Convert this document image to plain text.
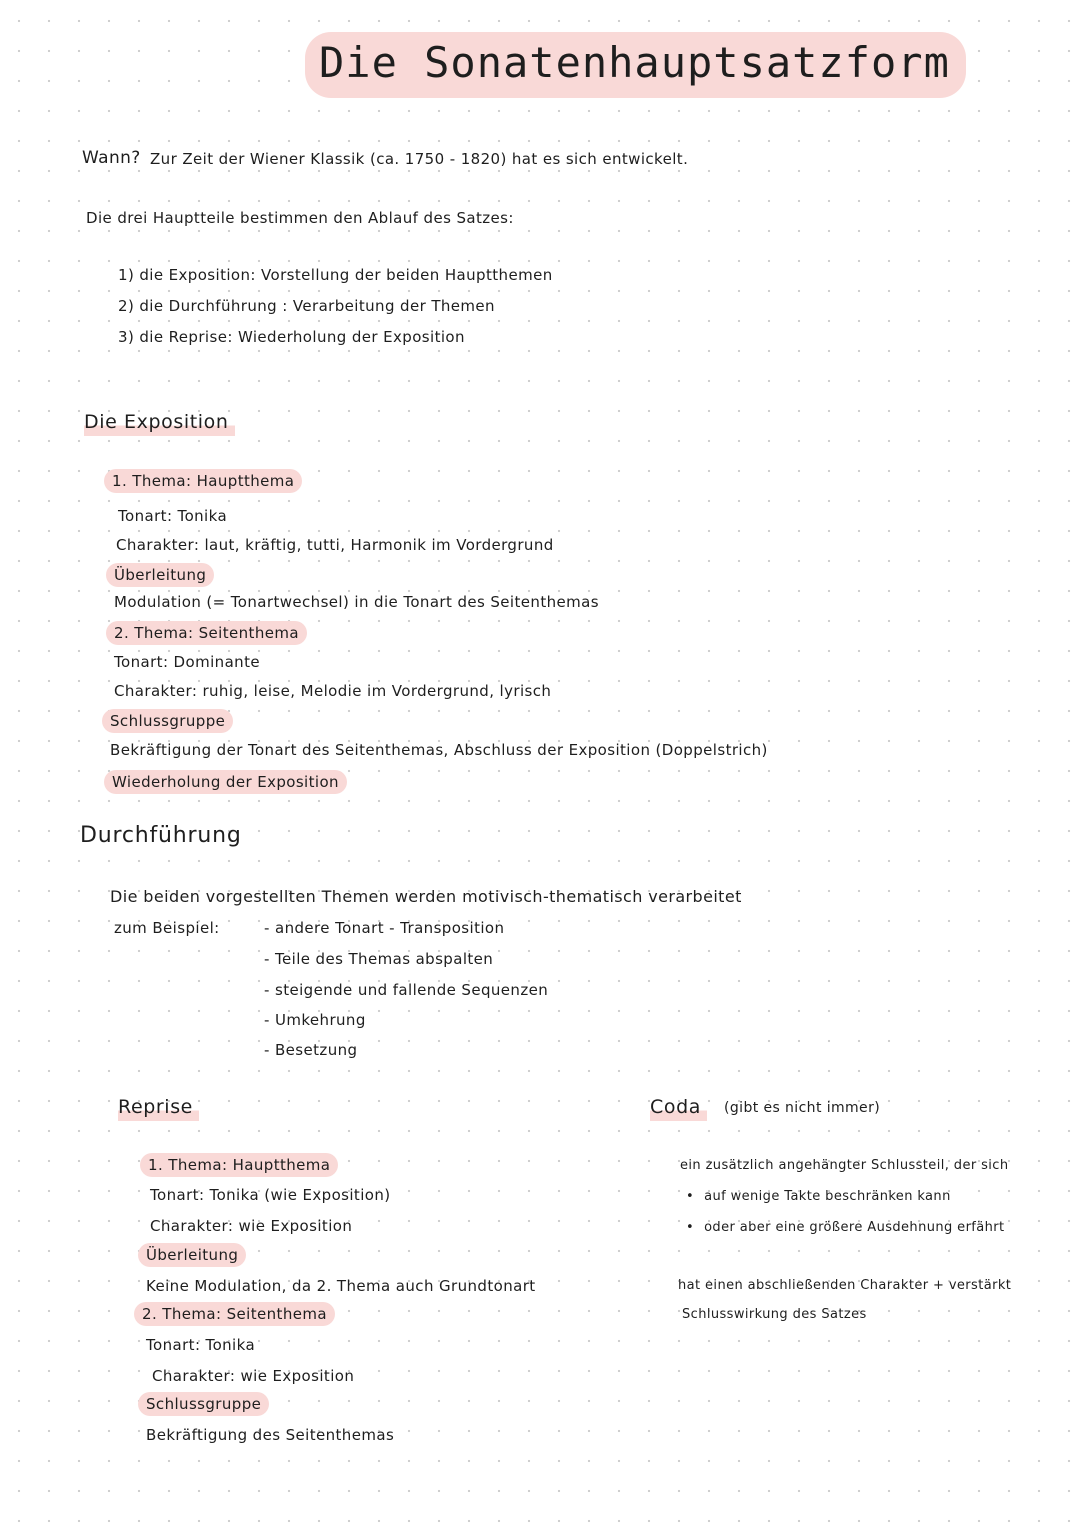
Die Sonatenhauptsatzform
Wann? Zur Zeit der Wiener Klassik (ca. 1750 - 1820) hat es sich entwickelt.
Die drei Hauptteile bestimmen den Ablauf des Satzes:
1) die Exposition: Vorstellung der beiden Hauptthemen
2) die Durchführung : Verarbeitung der Themen
3) die Reprise: Wiederholung der Exposition
Die Exposition
1. Thema: Hauptthema
Tonart: Tonika
Charakter: laut, kräftig, tutti, Harmonik im Vordergrund
Überleitung
Modulation (= Tonartwechsel) in die Tonart des Seitenthemas
2. Thema: Seitenthema
Tonart: Dominante
Charakter: ruhig, leise, Melodie im Vordergrund, lyrisch
Schlussgruppe
Bekräftigung der Tonart des Seitenthemas, Abschluss der Exposition (Doppelstrich)
Wiederholung der Exposition
Durchführung
Die beiden vorgestellten Themen werden motivisch-thematisch verarbeitet
zum Beispiel:	- andere Tonart - Transposition
- Teile des Themas abspalten
- steigende und fallende Sequenzen
- Umkehrung
- Besetzung
Reprise
1. Thema: Hauptthema
Tonart: Tonika (wie Exposition)
Charakter: wie Exposition
Überleitung
Keine Modulation, da 2. Thema auch Grundtonart
2. Thema: Seitenthema
Tonart: Tonika
Charakter: wie Exposition
Schlussgruppe
Bekräftigung des Seitenthemas
Coda	(gibt es nicht immer)
ein zusätzlich angehängter Schlussteil, der sich
• auf wenige Takte beschränken kann
• oder aber eine größere Ausdehnung erfährt
hat einen abschließenden Charakter + verstärkt
Schlusswirkung des Satzes
